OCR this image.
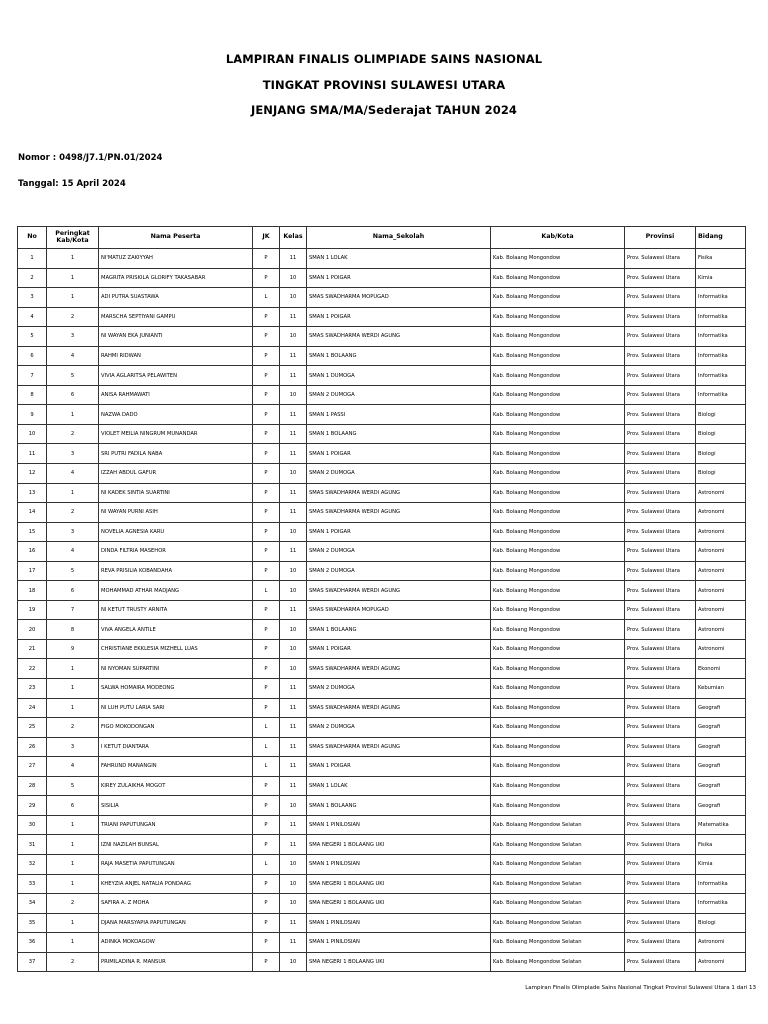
LAMPIRAN FINALIS OLIMPIADE SAINS NASIONAL
TINGKAT PROVINSI SULAWESI UTARA
JENJANG SMA/MA/Sederajat TAHUN 2024
Nomor : 0498/J7.1/PN.01/2024
Tanggal: 15 April 2024
No	Peringkat Kab/Kota	Nama Peserta	JK	Kelas	Nama_Sekolah	Kab/Kota	Provinsi	Bidang
1	1	NI'MATUZ ZAKIYYAH	P	11	SMAN 1 LOLAK	Kab. Bolaang Mongondow	Prov. Sulawesi Utara	Fisika
2	1	MAGRITA PRISKILA GLORIFY TAKASABAR	P	10	SMAN 1 POIGAR	Kab. Bolaang Mongondow	Prov. Sulawesi Utara	Kimia
3	1	ADI PUTRA SUASTAWA	L	10	SMAS SWADHARMA MOPUGAD	Kab. Bolaang Mongondow	Prov. Sulawesi Utara	Informatika
4	2	MARSCHA SEPTIYANI GAMPU	P	11	SMAN 1 POIGAR	Kab. Bolaang Mongondow	Prov. Sulawesi Utara	Informatika
5	3	NI WAYAN EKA JUNIANTI	P	10	SMAS SWADHARMA WERDI AGUNG	Kab. Bolaang Mongondow	Prov. Sulawesi Utara	Informatika
6	4	RAHMI RIDWAN	P	11	SMAN 1 BOLAANG	Kab. Bolaang Mongondow	Prov. Sulawesi Utara	Informatika
7	5	VIVIA AGLARITSA PELAWITEN	P	11	SMAN 1 DUMOGA	Kab. Bolaang Mongondow	Prov. Sulawesi Utara	Informatika
8	6	ANISA RAHMAWATI	P	10	SMAN 2 DUMOGA	Kab. Bolaang Mongondow	Prov. Sulawesi Utara	Informatika
9	1	NAZWA DADO	P	11	SMAN 1 PASSI	Kab. Bolaang Mongondow	Prov. Sulawesi Utara	Biologi
10	2	VIOLET MEILIA NINGRUM MUNANDAR	P	11	SMAN 1 BOLAANG	Kab. Bolaang Mongondow	Prov. Sulawesi Utara	Biologi
11	3	SRI PUTRI FADILA NABA	P	11	SMAN 1 POIGAR	Kab. Bolaang Mongondow	Prov. Sulawesi Utara	Biologi
12	4	IZZAH ABDUL GAFUR	P	10	SMAN 2 DUMOGA	Kab. Bolaang Mongondow	Prov. Sulawesi Utara	Biologi
13	1	NI KADEK SINTIA SUARTINI	P	11	SMAS SWADHARMA WERDI AGUNG	Kab. Bolaang Mongondow	Prov. Sulawesi Utara	Astronomi
14	2	NI WAYAN PURNI ASIH	P	11	SMAS SWADHARMA WERDI AGUNG	Kab. Bolaang Mongondow	Prov. Sulawesi Utara	Astronomi
15	3	NOVELIA AGNESIA KARU	P	10	SMAN 1 POIGAR	Kab. Bolaang Mongondow	Prov. Sulawesi Utara	Astronomi
16	4	DINDA FILTRIA MASEHOR	P	11	SMAN 2 DUMOGA	Kab. Bolaang Mongondow	Prov. Sulawesi Utara	Astronomi
17	5	REVA PRISILIA KOBANDAHA	P	10	SMAN 2 DUMOGA	Kab. Bolaang Mongondow	Prov. Sulawesi Utara	Astronomi
18	6	MOHAMMAD ATHAR MADJANG	L	10	SMAS SWADHARMA WERDI AGUNG	Kab. Bolaang Mongondow	Prov. Sulawesi Utara	Astronomi
19	7	NI KETUT TRUSTY ARNITA	P	11	SMAS SWADHARMA MOPUGAD	Kab. Bolaang Mongondow	Prov. Sulawesi Utara	Astronomi
20	8	VIVA ANGELA ANTILE	P	10	SMAN 1 BOLAANG	Kab. Bolaang Mongondow	Prov. Sulawesi Utara	Astronomi
21	9	CHRISTIANE EKKLESIA MIZHELL LUAS	P	10	SMAN 1 POIGAR	Kab. Bolaang Mongondow	Prov. Sulawesi Utara	Astronomi
22	1	NI NYOMAN SUPARTINI	P	10	SMAS SWADHARMA WERDI AGUNG	Kab. Bolaang Mongondow	Prov. Sulawesi Utara	Ekonomi
23	1	SALWA HOMAIRA MODEONG	P	11	SMAN 2 DUMOGA	Kab. Bolaang Mongondow	Prov. Sulawesi Utara	Kebumian
24	1	NI LUH PUTU LARIA SARI	P	11	SMAS SWADHARMA WERDI AGUNG	Kab. Bolaang Mongondow	Prov. Sulawesi Utara	Geografi
25	2	FIGO MOKODONGAN	L	11	SMAN 2 DUMOGA	Kab. Bolaang Mongondow	Prov. Sulawesi Utara	Geografi
26	3	I KETUT DIANTARA	L	11	SMAS SWADHARMA WERDI AGUNG	Kab. Bolaang Mongondow	Prov. Sulawesi Utara	Geografi
27	4	FAHRUND MANANGIN	L	11	SMAN 1 POIGAR	Kab. Bolaang Mongondow	Prov. Sulawesi Utara	Geografi
28	5	KIREY ZULAIKHA MOGOT	P	11	SMAN 1 LOLAK	Kab. Bolaang Mongondow	Prov. Sulawesi Utara	Geografi
29	6	SISILIA	P	10	SMAN 1 BOLAANG	Kab. Bolaang Mongondow	Prov. Sulawesi Utara	Geografi
30	1	TRIANI PAPUTUNGAN	P	11	SMAN 1 PINILOSIAN	Kab. Bolaang Mongondow Selatan	Prov. Sulawesi Utara	Matematika
31	1	IZNI NAZILAH BUNSAL	P	11	SMA NEGERI 1 BOLAANG UKI	Kab. Bolaang Mongondow Selatan	Prov. Sulawesi Utara	Fisika
32	1	RAJA MASETIA PAPUTUNGAN	L	10	SMAN 1 PINILOSIAN	Kab. Bolaang Mongondow Selatan	Prov. Sulawesi Utara	Kimia
33	1	KHEYZIA ANJEL NATALIA PONDAAG	P	10	SMA NEGERI 1 BOLAANG UKI	Kab. Bolaang Mongondow Selatan	Prov. Sulawesi Utara	Informatika
34	2	SAFIRA A. Z MOHA	P	10	SMA NEGERI 1 BOLAANG UKI	Kab. Bolaang Mongondow Selatan	Prov. Sulawesi Utara	Informatika
35	1	DJANA MARSYAPIA PAPUTUNGAN	P	11	SMAN 1 PINILOSIAN	Kab. Bolaang Mongondow Selatan	Prov. Sulawesi Utara	Biologi
36	1	ADINKA MOKOAGOW	P	11	SMAN 1 PINILOSIAN	Kab. Bolaang Mongondow Selatan	Prov. Sulawesi Utara	Astronomi
37	2	PRIMILADINA R. MANSUR	P	10	SMA NEGERI 1 BOLAANG UKI	Kab. Bolaang Mongondow Selatan	Prov. Sulawesi Utara	Astronomi
Lampiran Finalis Olimpiade Sains Nasional Tingkat Provinsi Sulawesi Utara 1 dari 13
